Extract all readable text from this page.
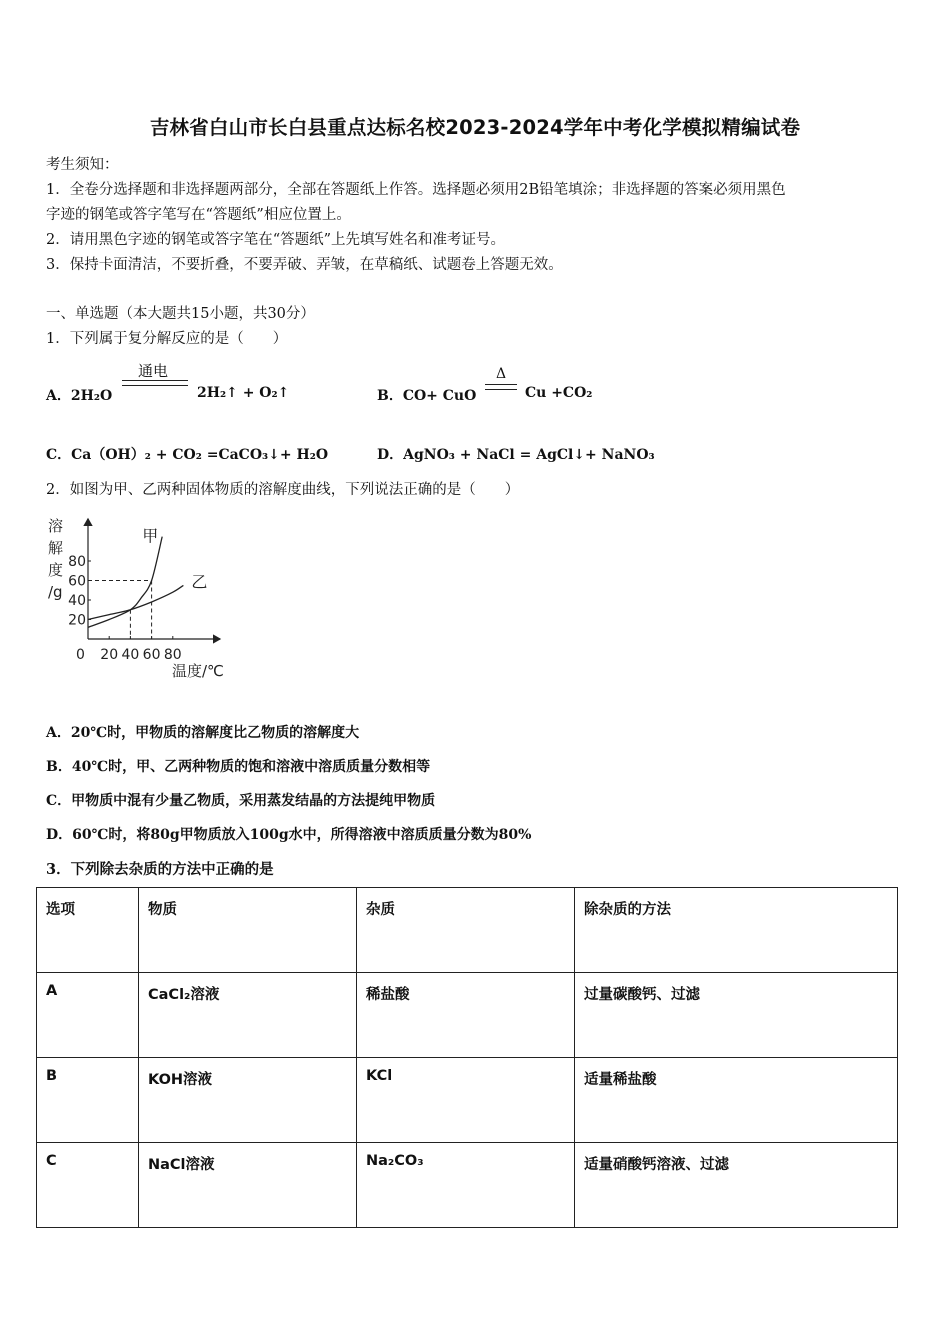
吉林省白山市长白县重点达标名校2023-2024学年中考化学模拟精编试卷
考生须知：
1．全卷分选择题和非选择题两部分，全部在答题纸上作答。选择题必须用2B铅笔填涂；非选择题的答案必须用黑色
字迹的钢笔或答字笔写在“答题纸”相应位置上。
2．请用黑色字迹的钢笔或答字笔在“答题纸”上先填写姓名和准考证号。
3．保持卡面清洁，不要折叠，不要弄破、弄皱，在草稿纸、试题卷上答题无效。
一、单选题（本大题共15小题，共30分）
1．下列属于复分解反应的是（　　）
A．2H₂O
通电
2H₂↑ + O₂↑	B．CO+ CuO
Δ
Cu +CO₂
C．Ca（OH）₂ + CO₂ =CaCO₃↓+ H₂O	D．AgNO₃ + NaCl = AgCl↓+ NaNO₃
2．如图为甲、乙两种固体物质的溶解度曲线，下列说法正确的是（　　）
溶
解
度
/g
20 40 60 80
20
40
60
80
甲
乙
0
温度/℃
A．20℃时，甲物质的溶解度比乙物质的溶解度大
B．40℃时，甲、乙两种物质的饱和溶液中溶质质量分数相等
C．甲物质中混有少量乙物质，采用蒸发结晶的方法提纯甲物质
D．60℃时，将80g甲物质放入100g水中，所得溶液中溶质质量分数为80%
3．下列除去杂质的方法中正确的是
选项	物质	杂质	除杂质的方法
A	CaCl₂溶液	稀盐酸	过量碳酸钙、过滤
B	KOH溶液	KCl	适量稀盐酸
C	NaCl溶液	Na₂CO₃	适量硝酸钙溶液、过滤
